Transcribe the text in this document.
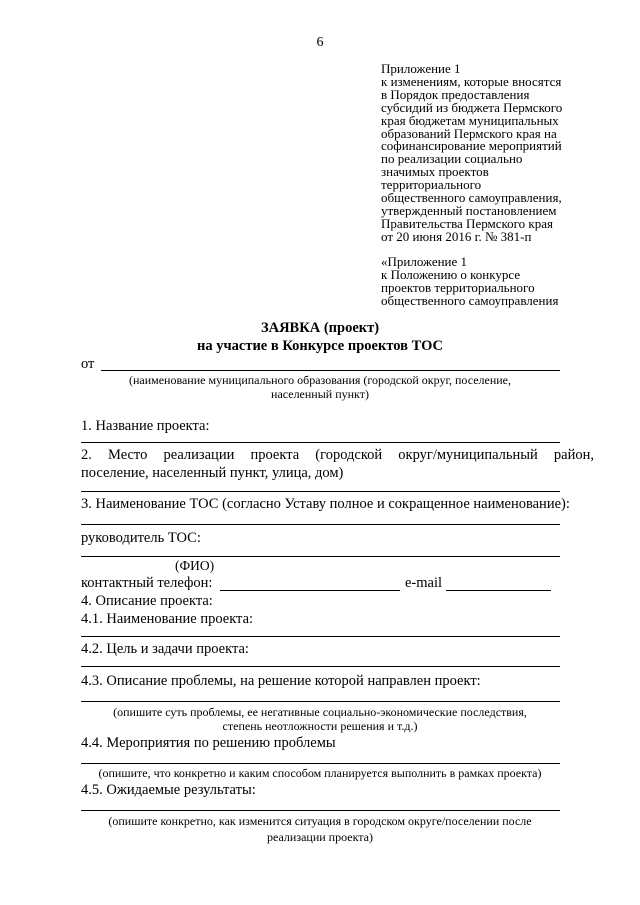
6
Приложение 1
к изменениям, которые вносятся
в Порядок предоставления
субсидий из бюджета Пермского
края бюджетам муниципальных
образований Пермского края на
софинансирование мероприятий
по реализации социально
значимых проектов
территориального
общественного самоуправления,
утвержденный постановлением
Правительства Пермского края
от 20 июня 2016 г. № 381-п
«Приложение 1
к Положению о конкурсе
проектов территориального
общественного самоуправления
ЗАЯВКА (проект)
на участие в Конкурсе проектов ТОС
от
(наименование муниципального образования (городской округ, поселение,
населенный пункт)
1. Название проекта:
2. Место реализации проекта (городской округ/муниципальный район,
поселение, населенный пункт, улица, дом)
3. Наименование ТОС (согласно Уставу полное и сокращенное наименование):
руководитель ТОС:
(ФИО)
контактный телефон:	e-mail
4. Описание проекта:
4.1. Наименование проекта:
4.2. Цель и задачи проекта:
4.3. Описание проблемы, на решение которой направлен проект:
(опишите суть проблемы, ее негативные социально-экономические последствия,
степень неотложности решения и т.д.)
4.4. Мероприятия по решению проблемы
(опишите, что конкретно и каким способом планируется выполнить в рамках проекта)
4.5. Ожидаемые результаты:
(опишите конкретно, как изменится ситуация в городском округе/поселении после
реализации проекта)
